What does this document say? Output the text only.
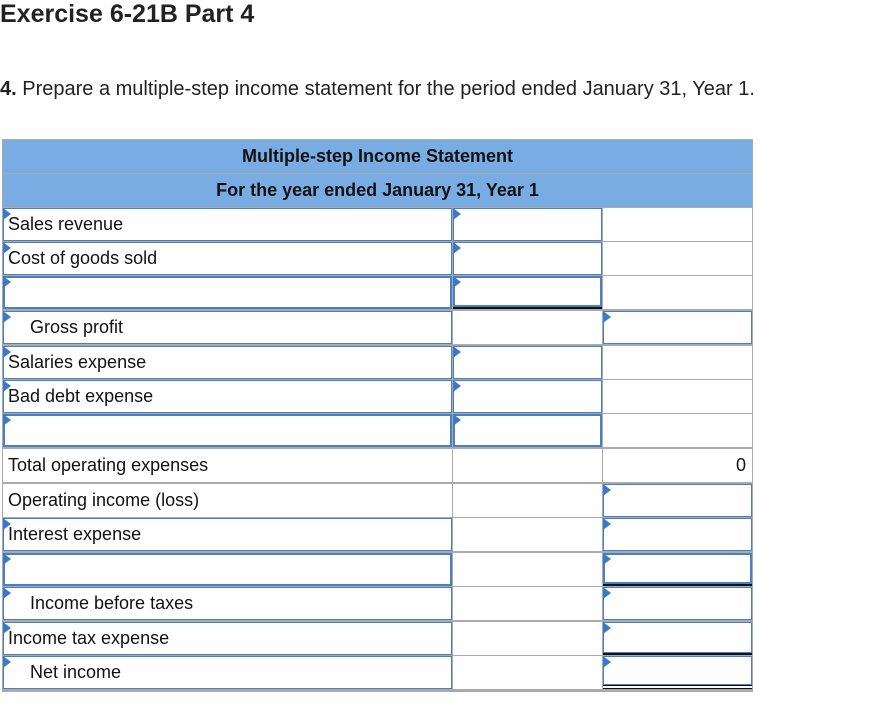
Exercise 6-21B Part 4
4. Prepare a multiple-step income statement for the period ended January 31, Year 1.
Multiple-step Income Statement
For the year ended January 31, Year 1
Sales revenue
Cost of goods sold
Gross profit
Salaries expense
Bad debt expense
Total operating expenses	0
Operating income (loss)
Interest expense
Income before taxes
Income tax expense
Net income
